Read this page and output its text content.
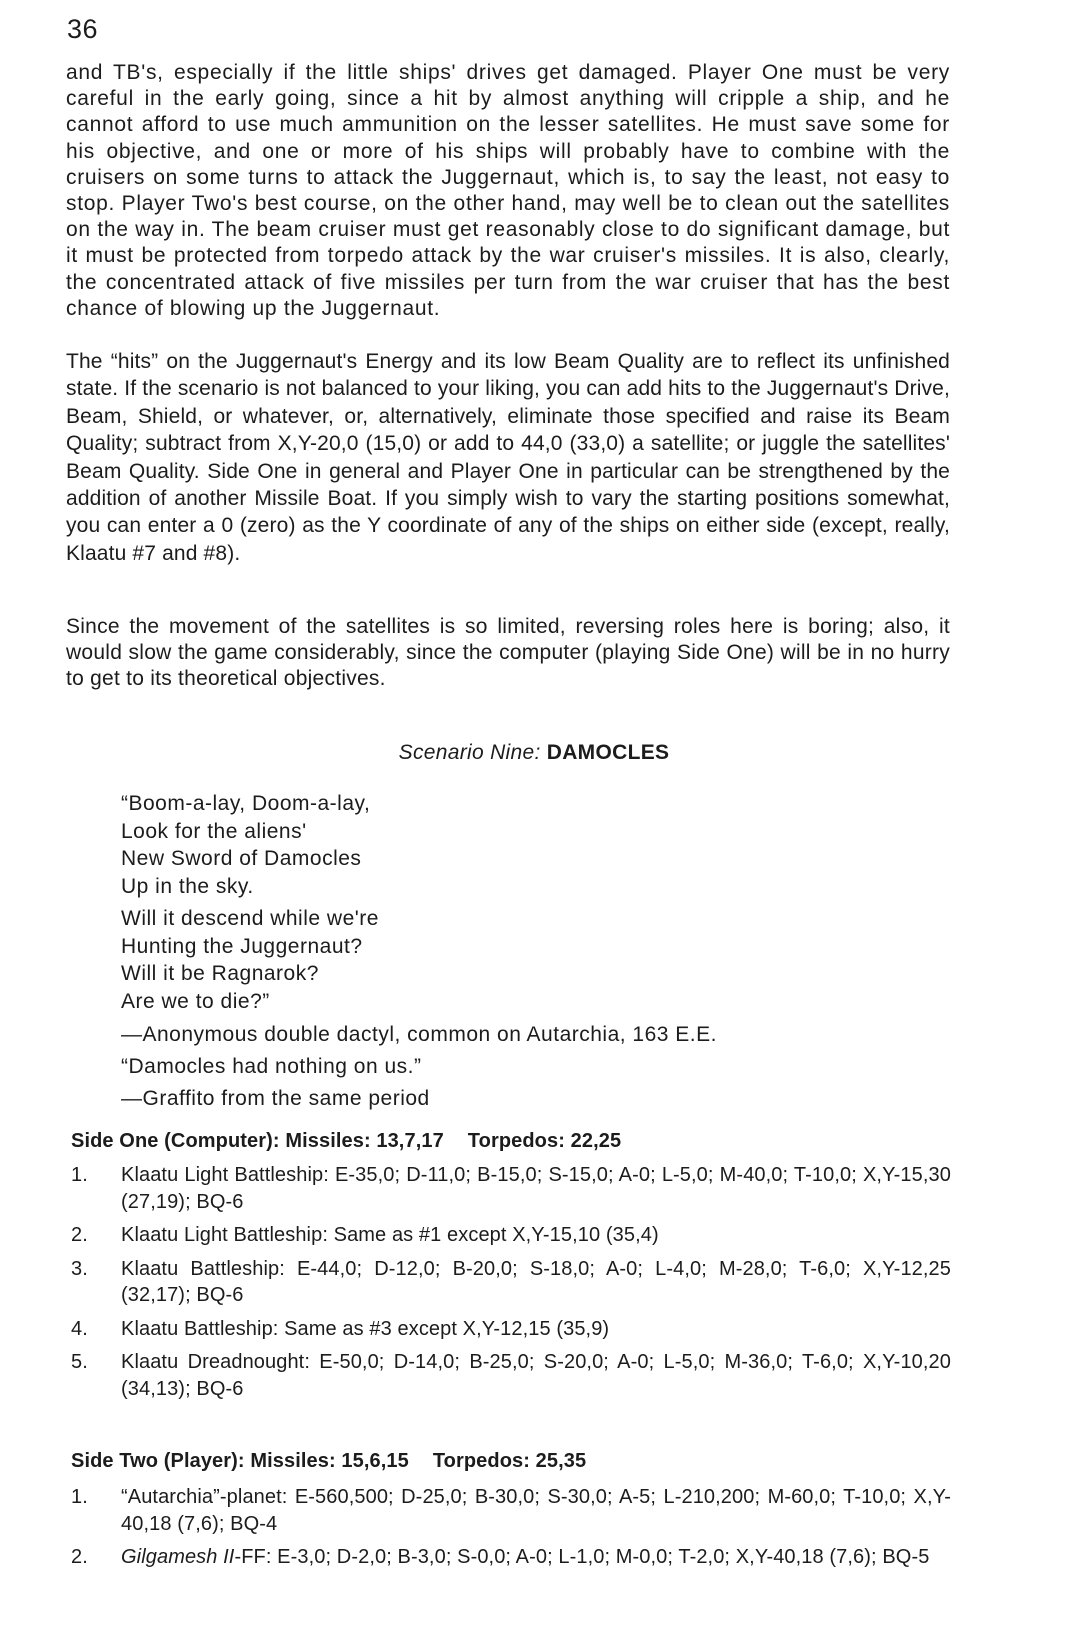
36

and TB's, especially if the little ships' drives get damaged. Player One must be very careful in the early going, since a hit by almost anything will cripple a ship, and he cannot afford to use much ammunition on the lesser satellites. He must save some for his objective, and one or more of his ships will probably have to combine with the cruisers on some turns to attack the Juggernaut, which is, to say the least, not easy to stop. Player Two's best course, on the other hand, may well be to clean out the satellites on the way in. The beam cruiser must get reasonably close to do significant damage, but it must be protected from torpedo attack by the war cruiser's missiles. It is also, clearly, the concentrated attack of five missiles per turn from the war cruiser that has the best chance of blowing up the Juggernaut.

The “hits” on the Juggernaut's Energy and its low Beam Quality are to reflect its unfinished state. If the scenario is not balanced to your liking, you can add hits to the Juggernaut's Drive, Beam, Shield, or whatever, or, alternatively, eliminate those specified and raise its Beam Quality; subtract from X,Y-20,0 (15,0) or add to 44,0 (33,0) a satellite; or juggle the satellites' Beam Quality. Side One in general and Player One in particular can be strengthened by the addition of another Missile Boat. If you simply wish to vary the starting positions somewhat, you can enter a 0 (zero) as the Y coordinate of any of the ships on either side (except, really, Klaatu #7 and #8).

Since the movement of the satellites is so limited, reversing roles here is boring; also, it would slow the game considerably, since the computer (playing Side One) will be in no hurry to get to its theoretical objectives.

Scenario Nine: DAMOCLES
“Boom-a-lay, Doom-a-lay,
Look for the aliens'
New Sword of Damocles
Up in the sky.
Will it descend while we're
Hunting the Juggernaut?
Will it be Ragnarok?
Are we to die?”
—Anonymous double dactyl, common on Autarchia, 163 E.E.
“Damocles had nothing on us.”
—Graffito from the same period
Side One (Computer): Missiles: 13,7,17 Torpedos: 22,25
1. Klaatu Light Battleship: E-35,0; D-11,0; B-15,0; S-15,0; A-0; L-5,0; M-40,0; T-10,0; X,Y-15,30 (27,19); BQ-6
2. Klaatu Light Battleship: Same as #1 except X,Y-15,10 (35,4)
3. Klaatu Battleship: E-44,0; D-12,0; B-20,0; S-18,0; A-0; L-4,0; M-28,0; T-6,0; X,Y-12,25 (32,17); BQ-6
4. Klaatu Battleship: Same as #3 except X,Y-12,15 (35,9)
5. Klaatu Dreadnought: E-50,0; D-14,0; B-25,0; S-20,0; A-0; L-5,0; M-36,0; T-6,0; X,Y-10,20 (34,13); BQ-6
Side Two (Player): Missiles: 15,6,15 Torpedos: 25,35
1. “Autarchia”-planet: E-560,500; D-25,0; B-30,0; S-30,0; A-5; L-210,200; M-60,0; T-10,0; X,Y-40,18 (7,6); BQ-4
2. Gilgamesh II-FF: E-3,0; D-2,0; B-3,0; S-0,0; A-0; L-1,0; M-0,0; T-2,0; X,Y-40,18 (7,6); BQ-5
